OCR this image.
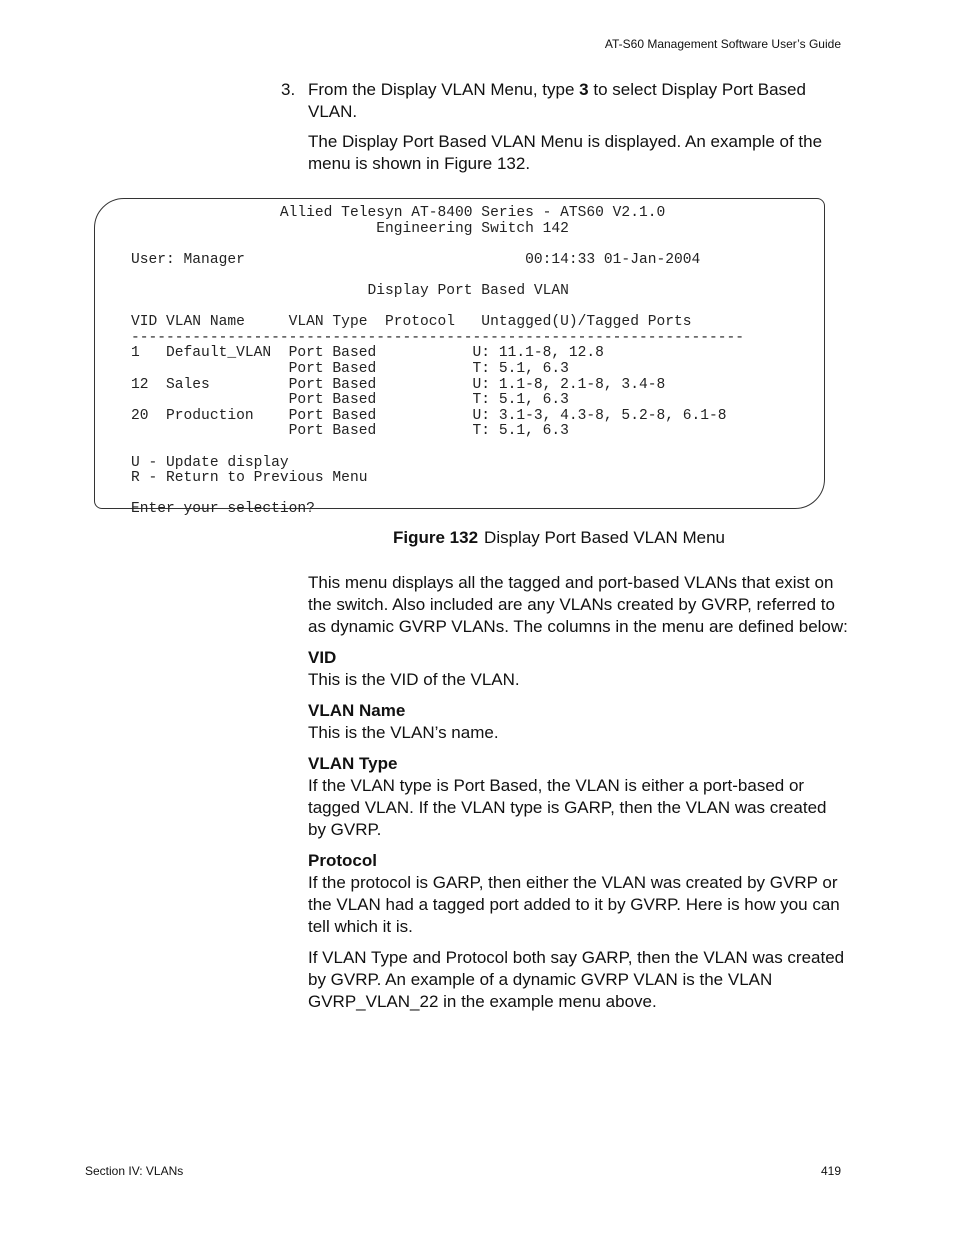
AT-S60 Management Software User’s Guide
3. From the Display VLAN Menu, type 3 to select Display Port Based VLAN.

The Display Port Based VLAN Menu is displayed. An example of the menu is shown in Figure 132.

Allied Telesyn AT-8400 Series - ATS60 V2.1.0
Engineering Switch 142

User: Manager                                00:14:33 01-Jan-2004

Display Port Based VLAN

VID VLAN Name     VLAN Type  Protocol   Untagged(U)/Tagged Ports
----------------------------------------------------------------------
1   Default_VLAN  Port Based           U: 11.1-8, 12.8
Port Based           T: 5.1, 6.3
12  Sales         Port Based           U: 1.1-8, 2.1-8, 3.4-8
Port Based           T: 5.1, 6.3
20  Production    Port Based           U: 3.1-3, 4.3-8, 5.2-8, 6.1-8
Port Based           T: 5.1, 6.3

U - Update display
R - Return to Previous Menu

Enter your selection?

Figure 132 Display Port Based VLAN Menu

This menu displays all the tagged and port-based VLANs that exist on the switch. Also included are any VLANs created by GVRP, referred to as dynamic GVRP VLANs. The columns in the menu are defined below:

VID
This is the VID of the VLAN.
VLAN Name
This is the VLAN’s name.
VLAN Type
If the VLAN type is Port Based, the VLAN is either a port-based or tagged VLAN. If the VLAN type is GARP, then the VLAN was created by GVRP.
Protocol
If the protocol is GARP, then either the VLAN was created by GVRP or the VLAN had a tagged port added to it by GVRP. Here is how you can tell which it is.

If VLAN Type and Protocol both say GARP, then the VLAN was created by GVRP. An example of a dynamic GVRP VLAN is the VLAN GVRP_VLAN_22 in the example menu above.

Section IV: VLANs	419
